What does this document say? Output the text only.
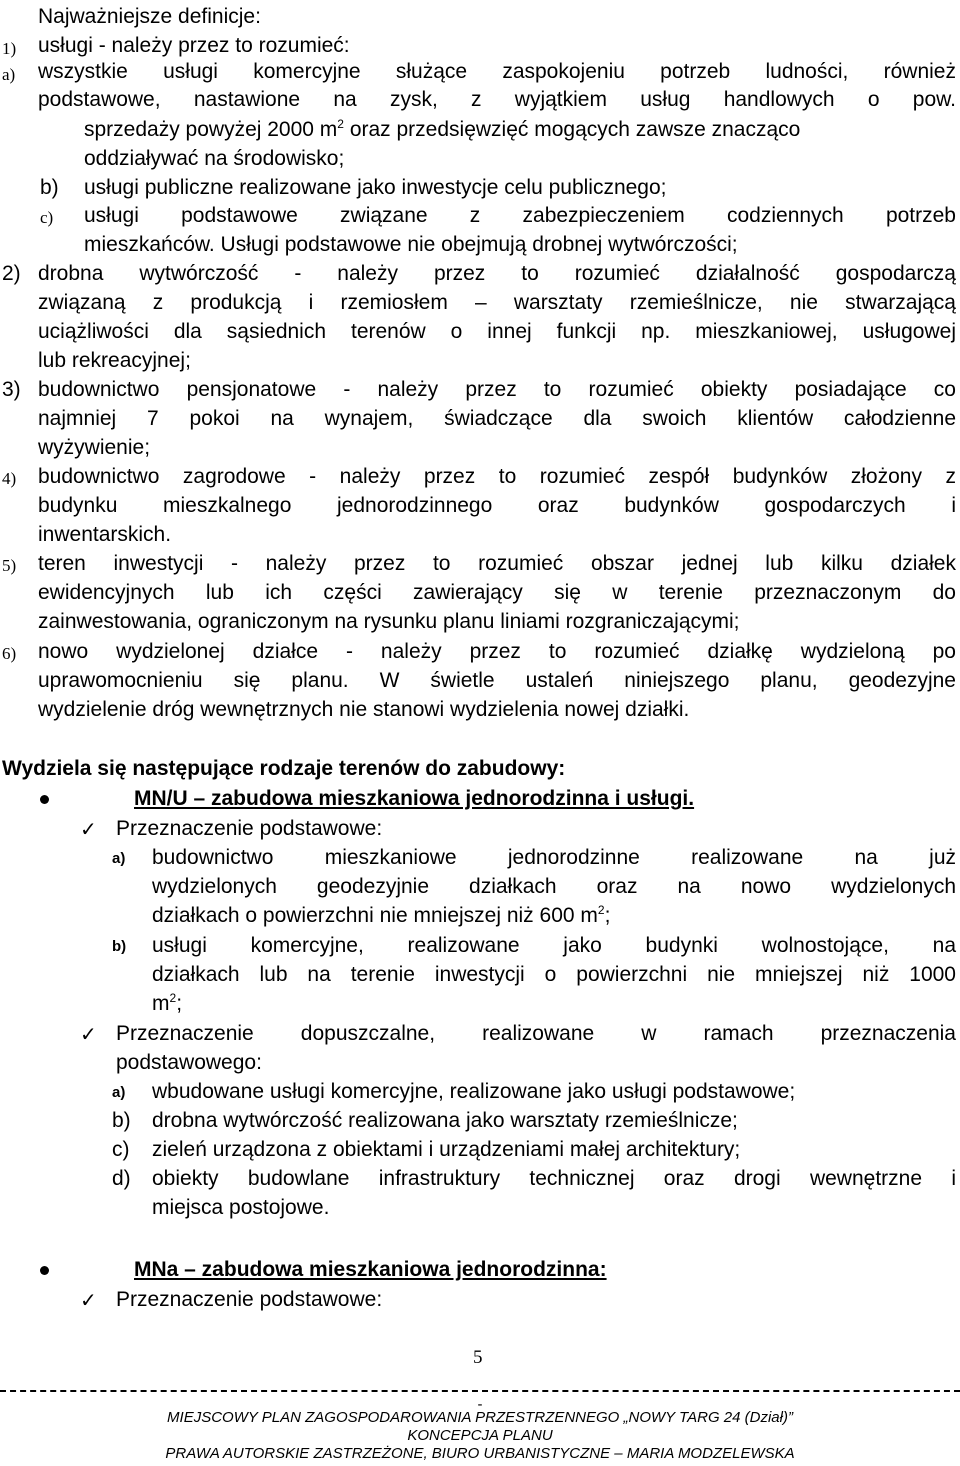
Najważniejsze definicje:
1) usługi - należy przez to rozumieć:
a) wszystkie usługi komercyjne służące zaspokojeniu potrzeb ludności, również
podstawowe, nastawione na zysk, z wyjątkiem usług handlowych o pow.
sprzedaży powyżej 2000 $m^2$ oraz przedsięwzięć mogących zawsze znacząco
oddziaływać na środowisko;
b) usługi publiczne realizowane jako inwestycje celu publicznego;
c) usługi podstawowe związane z zabezpieczeniem codziennych potrzeb
mieszkańców. Usługi podstawowe nie obejmują drobnej wytwórczości;
2) drobna wytwórczość - należy przez to rozumieć działalność gospodarczą
związaną z produkcją i rzemiosłem – warsztaty rzemieślnicze, nie stwarzającą
uciążliwości dla sąsiednich terenów o innej funkcji np. mieszkaniowej, usługowej
lub rekreacyjnej;
3) budownictwo pensjonatowe - należy przez to rozumieć obiekty posiadające co
najmniej 7 pokoi na wynajem, świadczące dla swoich klientów całodzienne
wyżywienie;
4) budownictwo zagrodowe - należy przez to rozumieć zespół budynków złożony z
budynku mieszkalnego jednorodzinnego oraz budynków gospodarczych i
inwentarskich.
5) teren inwestycji - należy przez to rozumieć obszar jednej lub kilku działek
ewidencyjnych lub ich części zawierający się w terenie przeznaczonym do
zainwestowania, ograniczonym na rysunku planu liniami rozgraniczającymi;
6) nowo wydzielonej działce - należy przez to rozumieć działkę wydzieloną po
uprawomocnieniu się planu. W świetle ustaleń niniejszego planu, geodezyjne
wydzielenie dróg wewnętrznych nie stanowi wydzielenia nowej działki.
Wydziela się następujące rodzaje terenów do zabudowy:
MN/U – zabudowa mieszkaniowa jednorodzinna i usługi.
✓ Przeznaczenie podstawowe:
a) budownictwo mieszkaniowe jednorodzinne realizowane na już
wydzielonych geodezyjnie działkach oraz na nowo wydzielonych
działkach o powierzchni nie mniejszej niż 600 $m^2$;
b) usługi komercyjne, realizowane jako budynki wolnostojące, na
działkach lub na terenie inwestycji o powierzchni nie mniejszej niż 1000
$m^2$;
✓ Przeznaczenie dopuszczalne, realizowane w ramach przeznaczenia
podstawowego:
a) wbudowane usługi komercyjne, realizowane jako usługi podstawowe;
b) drobna wytwórczość realizowana jako warsztaty rzemieślnicze;
c) zieleń urządzona z obiektami i urządzeniami małej architektury;
d) obiekty budowlane infrastruktury technicznej oraz drogi wewnętrzne i
miejsca postojowe.
MNa – zabudowa mieszkaniowa jednorodzinna:
✓ Przeznaczenie podstawowe:
5
-
MIEJSCOWY PLAN ZAGOSPODAROWANIA PRZESTRZENNEGO „NOWY TARG 24 (Dział)”
KONCEPCJA PLANU
PRAWA AUTORSKIE ZASTRZEŻONE, BIURO URBANISTYCZNE – MARIA MODZELEWSKA
